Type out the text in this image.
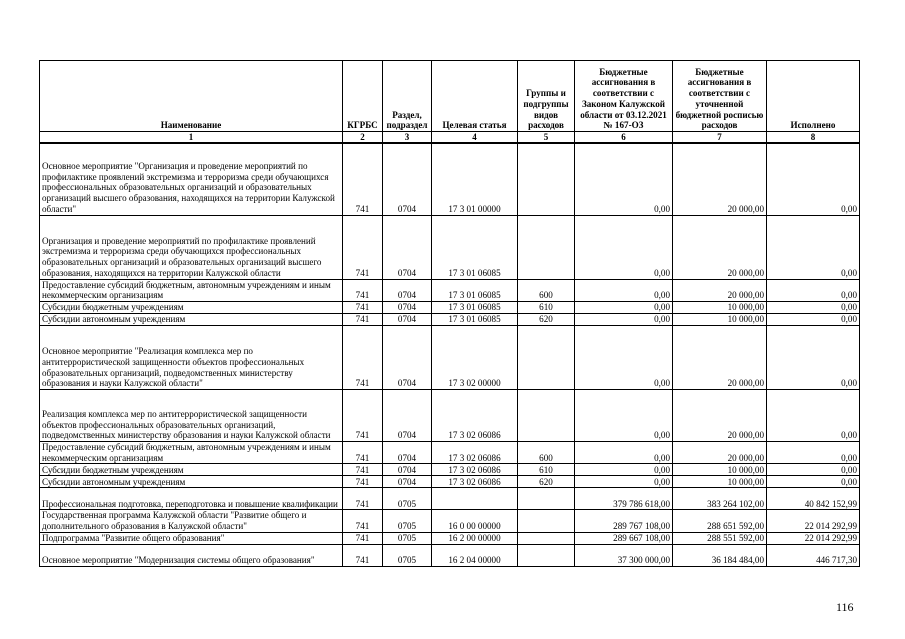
Наименование	КГРБС	Раздел, подраздел	Целевая статья	Группы и подгруппы видов расходов	Бюджетные ассигнования в соответствии с Законом Калужской области от 03.12.2021 № 167-ОЗ	Бюджетные ассигнования в соответствии с уточненной бюджетной росписью расходов	Исполнено
1	2	3	4	5	6	7	8
Основное мероприятие "Организация и проведение мероприятий по профилактике проявлений экстремизма и терроризма среди обучающихся профессиональных образовательных организаций и образовательных организаций высшего образования, находящихся на территории Калужской области"	741	0704	17 3 01 00000		0,00	20 000,00	0,00
Организация и проведение мероприятий по профилактике проявлений экстремизма и терроризма среди обучающихся профессиональных образовательных организаций и образовательных организаций высшего образования, находящихся на территории Калужской области	741	0704	17 3 01 06085		0,00	20 000,00	0,00
Предоставление субсидий бюджетным, автономным учреждениям и иным некоммерческим организациям	741	0704	17 3 01 06085	600	0,00	20 000,00	0,00
Субсидии бюджетным учреждениям	741	0704	17 3 01 06085	610	0,00	10 000,00	0,00
Субсидии автономным учреждениям	741	0704	17 3 01 06085	620	0,00	10 000,00	0,00
Основное мероприятие "Реализация комплекса мер по антитеррористической защищенности объектов профессиональных образовательных организаций, подведомственных министерству образования и науки Калужской области"	741	0704	17 3 02 00000		0,00	20 000,00	0,00
Реализация комплекса мер по антитеррористической защищенности объектов профессиональных образовательных организаций, подведомственных министерству образования и науки Калужской области	741	0704	17 3 02 06086		0,00	20 000,00	0,00
Предоставление субсидий бюджетным, автономным учреждениям и иным некоммерческим организациям	741	0704	17 3 02 06086	600	0,00	20 000,00	0,00
Субсидии бюджетным учреждениям	741	0704	17 3 02 06086	610	0,00	10 000,00	0,00
Субсидии автономным учреждениям	741	0704	17 3 02 06086	620	0,00	10 000,00	0,00
Профессиональная подготовка, переподготовка и повышение квалификации	741	0705			379 786 618,00	383 264 102,00	40 842 152,99
Государственная программа Калужской области "Развитие общего и дополнительного образования в Калужской области"	741	0705	16 0 00 00000		289 767 108,00	288 651 592,00	22 014 292,99
Подпрограмма "Развитие общего образования"	741	0705	16 2 00 00000		289 667 108,00	288 551 592,00	22 014 292,99
Основное мероприятие "Модернизация системы общего образования"	741	0705	16 2 04 00000		37 300 000,00	36 184 484,00	446 717,30
116
